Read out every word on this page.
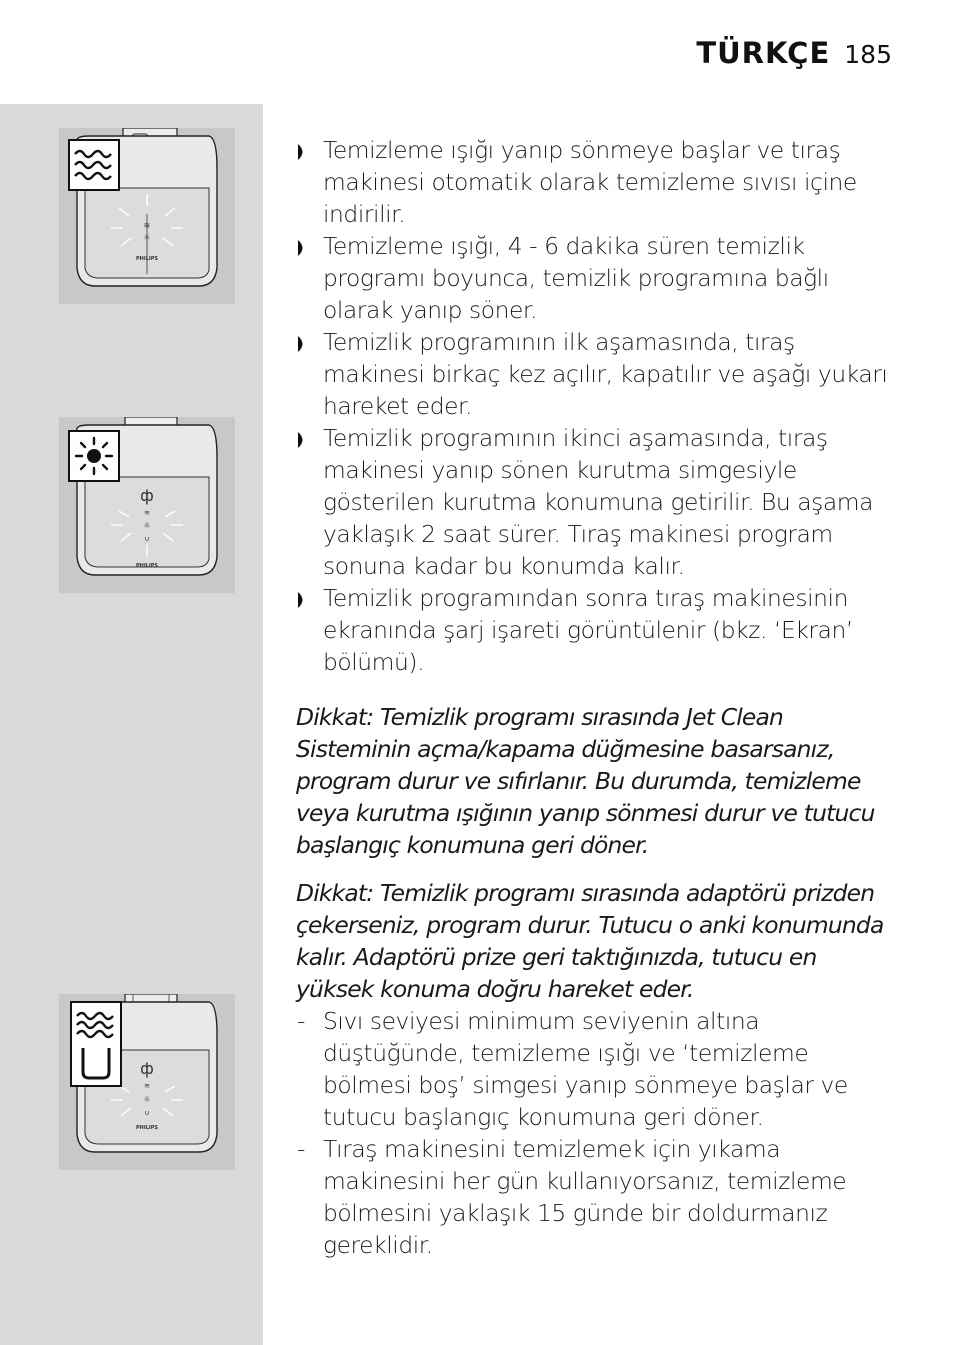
TÜRKÇE 185
≋
☼
PHILIPS
ф
≋
☼
∪
PHILIPS
ф
≋
☼
∪
PHILIPS
Temizleme ışığı yanıp sönmeye başlar ve tıraş makinesi otomatik olarak temizleme sıvısı içine indirilir.
Temizleme ışığı, 4 - 6 dakika süren temizlik programı boyunca, temizlik programına bağlı olarak yanıp söner.
Temizlik programının ilk aşamasında, tıraş makinesi birkaç kez açılır, kapatılır ve aşağı yukarı hareket eder.
Temizlik programının ikinci aşamasında, tıraş makinesi yanıp sönen kurutma simgesiyle gösterilen kurutma konumuna getirilir. Bu aşama yaklaşık 2 saat sürer. Tıraş makinesi program sonuna kadar bu konumda kalır.
Temizlik programından sonra tıraş makinesinin ekranında şarj işareti görüntülenir (bkz. ‘Ekran’ bölümü).
Dikkat: Temizlik programı sırasında Jet Clean Sisteminin açma/kapama düğmesine basarsanız, program durur ve sıfırlanır. Bu durumda, temizleme veya kurutma ışığının yanıp sönmesi durur ve tutucu başlangıç konumuna geri döner.
Dikkat: Temizlik programı sırasında adaptörü prizden çekerseniz, program durur. Tutucu o anki konumunda kalır. Adaptörü prize geri taktığınızda, tutucu en yüksek konuma doğru hareket eder.
- Sıvı seviyesi minimum seviyenin altına düştüğünde, temizleme ışığı ve ‘temizleme bölmesi boş’ simgesi yanıp sönmeye başlar ve tutucu başlangıç konumuna geri döner.
- Tıraş makinesini temizlemek için yıkama makinesini her gün kullanıyorsanız, temizleme bölmesini yaklaşık 15 günde bir doldurmanız gereklidir.
